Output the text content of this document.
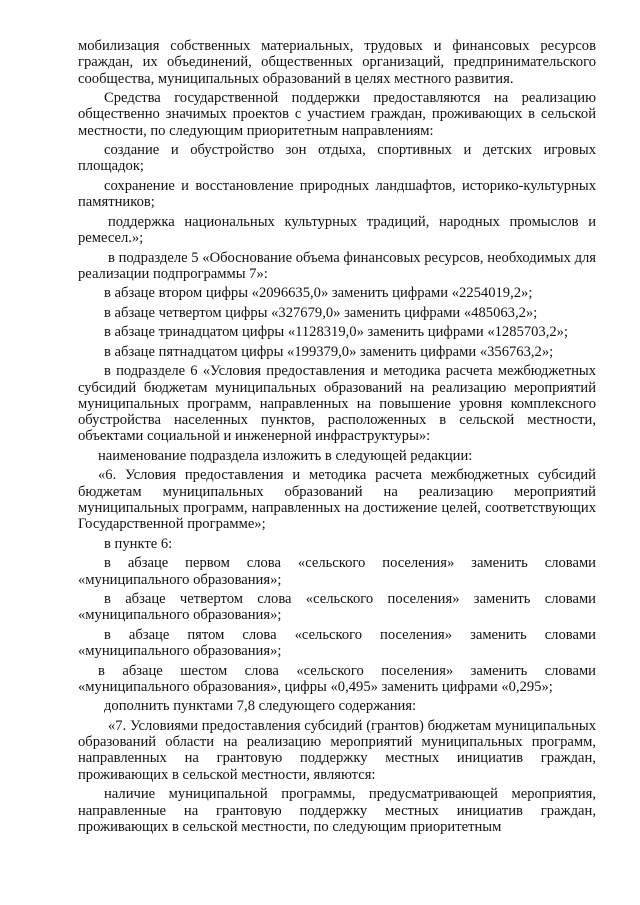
мобилизация собственных материальных, трудовых и финансовых ресурсов граждан, их объединений, общественных организаций, предпринимательского сообщества, муниципальных образований в целях местного развития.

Средства государственной поддержки предоставляются на реализацию общественно значимых проектов с участием граждан, проживающих в сельской местности, по следующим приоритетным направлениям:

создание и обустройство зон отдыха, спортивных и детских игровых площадок;

сохранение и восстановление природных ландшафтов, историко-культурных памятников;

поддержка национальных культурных традиций, народных промыслов и ремесел.»;

в подразделе 5 «Обоснование объема финансовых ресурсов, необходимых для реализации подпрограммы 7»:

в абзаце втором цифры «2096635,0» заменить цифрами «2254019,2»;

в абзаце четвертом цифры «327679,0» заменить цифрами «485063,2»;

в абзаце тринадцатом цифры «1128319,0» заменить цифрами «1285703,2»;

в абзаце пятнадцатом цифры «199379,0» заменить цифрами «356763,2»;

в подразделе 6 «Условия предоставления и методика расчета межбюджетных субсидий бюджетам муниципальных образований на реализацию мероприятий муниципальных программ, направленных на повышение уровня комплексного обустройства населенных пунктов, расположенных в сельской местности, объектами социальной и инженерной инфраструктуры»:

наименование подраздела изложить в следующей редакции:

«6. Условия предоставления и методика расчета межбюджетных субсидий бюджетам муниципальных образований на реализацию мероприятий муниципальных программ, направленных на достижение целей, соответствующих Государственной программе»;

в пункте 6:

в абзаце первом слова «сельского поселения» заменить словами «муниципального образования»;

в абзаце четвертом слова «сельского поселения» заменить словами «муниципального образования»;

в абзаце пятом слова «сельского поселения» заменить словами «муниципального образования»;

в абзаце шестом слова «сельского поселения» заменить словами «муниципального образования», цифры «0,495» заменить цифрами «0,295»;

дополнить пунктами 7,8 следующего содержания:

«7. Условиями предоставления субсидий (грантов) бюджетам муниципальных образований области на реализацию мероприятий муниципальных программ, направленных на грантовую поддержку местных инициатив граждан, проживающих в сельской местности, являются:

наличие муниципальной программы, предусматривающей мероприятия, направленные на грантовую поддержку местных инициатив граждан, проживающих в сельской местности, по следующим приоритетным
